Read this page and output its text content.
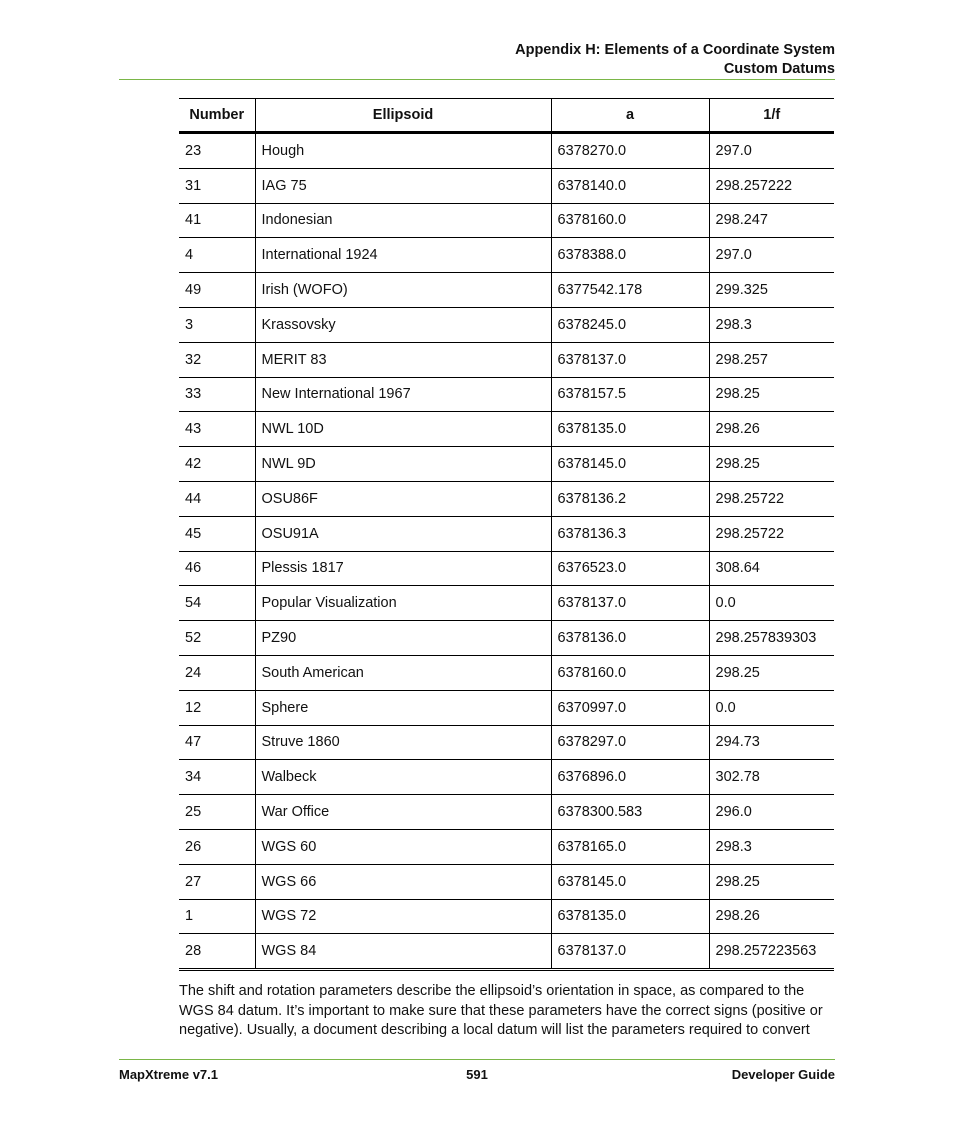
Appendix H: Elements of a Coordinate System
Custom Datums
Number	Ellipsoid	a	1/f
23	Hough	6378270.0	297.0
31	IAG 75	6378140.0	298.257222
41	Indonesian	6378160.0	298.247
4	International 1924	6378388.0	297.0
49	Irish (WOFO)	6377542.178	299.325
3	Krassovsky	6378245.0	298.3
32	MERIT 83	6378137.0	298.257
33	New International 1967	6378157.5	298.25
43	NWL 10D	6378135.0	298.26
42	NWL 9D	6378145.0	298.25
44	OSU86F	6378136.2	298.25722
45	OSU91A	6378136.3	298.25722
46	Plessis 1817	6376523.0	308.64
54	Popular Visualization	6378137.0	0.0
52	PZ90	6378136.0	298.257839303
24	South American	6378160.0	298.25
12	Sphere	6370997.0	0.0
47	Struve 1860	6378297.0	294.73
34	Walbeck	6376896.0	302.78
25	War Office	6378300.583	296.0
26	WGS 60	6378165.0	298.3
27	WGS 66	6378145.0	298.25
1	WGS 72	6378135.0	298.26
28	WGS 84	6378137.0	298.257223563

The shift and rotation parameters describe the ellipsoid’s orientation in space, as compared to the WGS 84 datum. It’s important to make sure that these parameters have the correct signs (positive or negative). Usually, a document describing a local datum will list the parameters required to convert

MapXtreme v7.1	591	Developer Guide
